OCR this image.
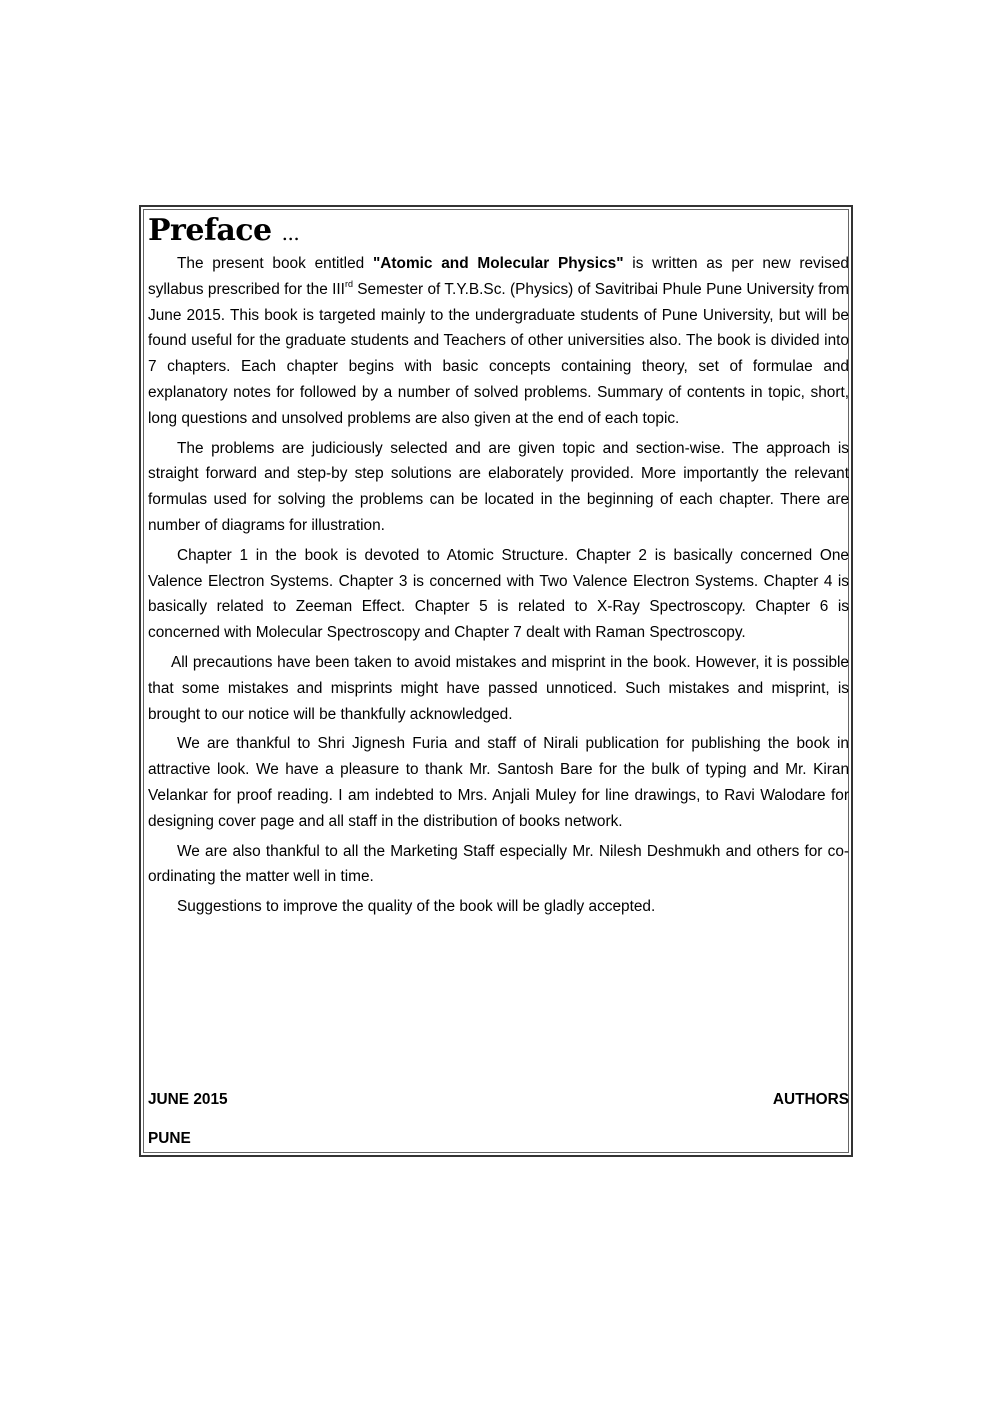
Preface ...

The present book entitled "Atomic and Molecular Physics" is written as per new revised syllabus prescribed for the IIIrd Semester of T.Y.B.Sc. (Physics) of Savitribai Phule Pune University from June 2015. This book is targeted mainly to the undergraduate students of Pune University, but will be found useful for the graduate students and Teachers of other universities also. The book is divided into 7 chapters. Each chapter begins with basic concepts containing theory, set of formulae and explanatory notes for followed by a number of solved problems. Summary of contents in topic, short, long questions and unsolved problems are also given at the end of each topic.

The problems are judiciously selected and are given topic and section-wise. The approach is straight forward and step-by step solutions are elaborately provided. More importantly the relevant formulas used for solving the problems can be located in the beginning of each chapter. There are number of diagrams for illustration.

Chapter 1 in the book is devoted to Atomic Structure. Chapter 2 is basically concerned One Valence Electron Systems. Chapter 3 is concerned with Two Valence Electron Systems. Chapter 4 is basically related to Zeeman Effect. Chapter 5 is related to X-Ray Spectroscopy. Chapter 6 is concerned with Molecular Spectroscopy and Chapter 7 dealt with Raman Spectroscopy.

All precautions have been taken to avoid mistakes and misprint in the book. However, it is possible that some mistakes and misprints might have passed unnoticed. Such mistakes and misprint, is brought to our notice will be thankfully acknowledged.

We are thankful to Shri Jignesh Furia and staff of Nirali publication for publishing the book in attractive look. We have a pleasure to thank Mr. Santosh Bare for the bulk of typing and Mr. Kiran Velankar for proof reading. I am indebted to Mrs. Anjali Muley for line drawings, to Ravi Walodare for designing cover page and all staff in the distribution of books network.

We are also thankful to all the Marketing Staff especially Mr. Nilesh Deshmukh and others for co-ordinating the matter well in time.

Suggestions to improve the quality of the book will be gladly accepted.

JUNE 2015	AUTHORS
PUNE
